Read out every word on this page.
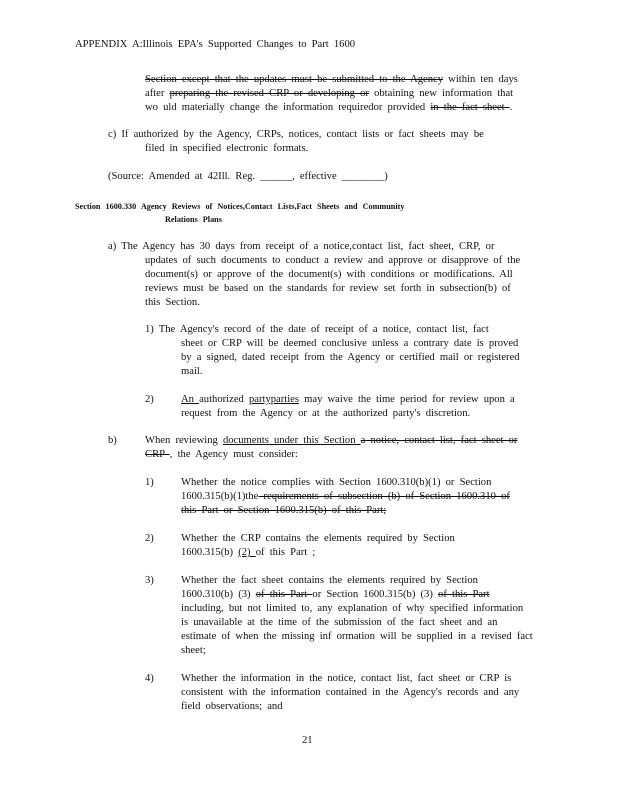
APPENDIX A:Illinois EPA's Supported Changes to Part 1600
Section except that the updates must be submitted to the Agency within ten days
after preparing the revised CRP or developing or obtaining new information that
wo uld materially change the information requiredor provided in the fact sheet .
c) If authorized by the Agency, CRPs, notices, contact lists or fact sheets may be
filed in specified electronic formats.
(Source: Amended at 42Ill. Reg. ______, effective ________)
Section 1600.330 Agency Reviews of Notices,Contact Lists,Fact Sheets and Community
Relations Plans
a) The Agency has 30 days from receipt of a notice,contact list, fact sheet, CRP, or
updates of such documents to conduct a review and approve or disapprove of the
document(s) or approve of the document(s) with conditions or modifications. All
reviews must be based on the standards for review set forth in subsection(b) of
this Section.
1) The Agency's record of the date of receipt of a notice, contact list, fact
sheet or CRP will be deemed conclusive unless a contrary date is proved
by a signed, dated receipt from the Agency or certified mail or registered
mail.
2)	An authorized partyparties may waive the time period for review upon a
request from the Agency or at the authorized party's discretion.
b)	When reviewing documents under this Section a notice, contact list, fact sheet or
CRP , the Agency must consider:
1)	Whether the notice complies with Section 1600.310(b)(1) or Section
1600.315(b)(1)the requirements of subsection (b) of Section 1600.310 of
this Part or Section 1600.315(b) of this Part;
2)	Whether the CRP contains the elements required by Section
1600.315(b) (2) of this Part ;
3)	Whether the fact sheet contains the elements required by Section
1600.310(b) (3) of this Part or Section 1600.315(b) (3) of this Part
including, but not limited to, any explanation of why specified information
is unavailable at the time of the submission of the fact sheet and an
estimate of when the missing inf ormation will be supplied in a revised fact
sheet;
4)	Whether the information in the notice, contact list, fact sheet or CRP is
consistent with the information contained in the Agency's records and any
field observations; and
21
